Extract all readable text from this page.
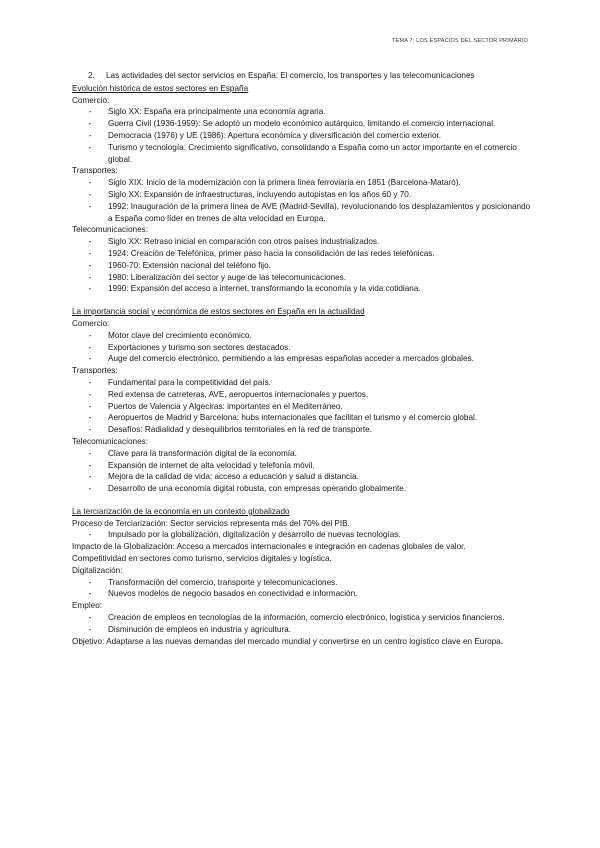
TEMA 7: LOS ESPACIOS DEL SECTOR PRIMARIO
2.	Las actividades del sector servicios en España: El comercio, los transportes y las telecomunicaciones
Evolución histórica de estos sectores en España
Comercio:
-	Siglo XX: España era principalmente una economía agraria.
-	Guerra Civil (1936-1959): Se adoptó un modelo económico autárquico, limitando el comercio internacional.
-	Democracia (1976) y UE (1986): Apertura económica y diversificación del comercio exterior.
-	Turismo y tecnología: Crecimiento significativo, consolidando a España como un actor importante en el comercio global.
Transportes:
-	Siglo XIX: Inicio de la modernización con la primera línea ferroviaria en 1851 (Barcelona-Mataró).
-	Siglo XX: Expansión de infraestructuras, incluyendo autopistas en los años 60 y 70.
-	1992: Inauguración de la primera línea de AVE (Madrid-Sevilla), revolucionando los desplazamientos y posicionando a España como líder en trenes de alta velocidad en Europa.
Telecomunicaciones:
-	Siglo XX: Retraso inicial en comparación con otros países industrializados.
-	1924: Creación de Telefónica, primer paso hacia la consolidación de las redes telefónicas.
-	1960-70: Extensión nacional del teléfono fijo.
-	1980: Liberalización del sector y auge de las telecomunicaciones.
-	1990: Expansión del acceso a internet, transformando la economía y la vida cotidiana.
La importancia social y económica de estos sectores en España en la actualidad
Comercio:
-	Motor clave del crecimiento económico.
-	Exportaciones y turismo son sectores destacados.
-	Auge del comercio electrónico, permitiendo a las empresas españolas acceder a mercados globales.
Transportes:
-	Fundamental para la competitividad del país.
-	Red extensa de carreteras, AVE, aeropuertos internacionales y puertos.
-	Puertos de Valencia y Algeciras: importantes en el Mediterráneo.
-	Aeropuertos de Madrid y Barcelona: hubs internacionales que facilitan el turismo y el comercio global.
-	Desafíos: Radialidad y desequilibrios territoriales en la red de transporte.
Telecomunicaciones:
-	Clave para la transformación digital de la economía.
-	Expansión de internet de alta velocidad y telefonía móvil.
-	Mejora de la calidad de vida: acceso a educación y salud a distancia.
-	Desarrollo de una economía digital robusta, con empresas operando globalmente.
La terciarización de la economía en un contexto globalizado
Proceso de Terciarización: Sector servicios representa más del 70% del PIB.
-	Impulsado por la globalización, digitalización y desarrollo de nuevas tecnologías.
Impacto de la Globalización: Acceso a mercados internacionales e integración en cadenas globales de valor.
Competitividad en sectores como turismo, servicios digitales y logística.
Digitalización:
-	Transformación del comercio, transporte y telecomunicaciones.
-	Nuevos modelos de negocio basados en conectividad e información.
Empleo:
-	Creación de empleos en tecnologías de la información, comercio electrónico, logística y servicios financieros.
-	Disminución de empleos en industria y agricultura.
Objetivo: Adaptarse a las nuevas demandas del mercado mundial y convertirse en un centro logístico clave en Europa.
